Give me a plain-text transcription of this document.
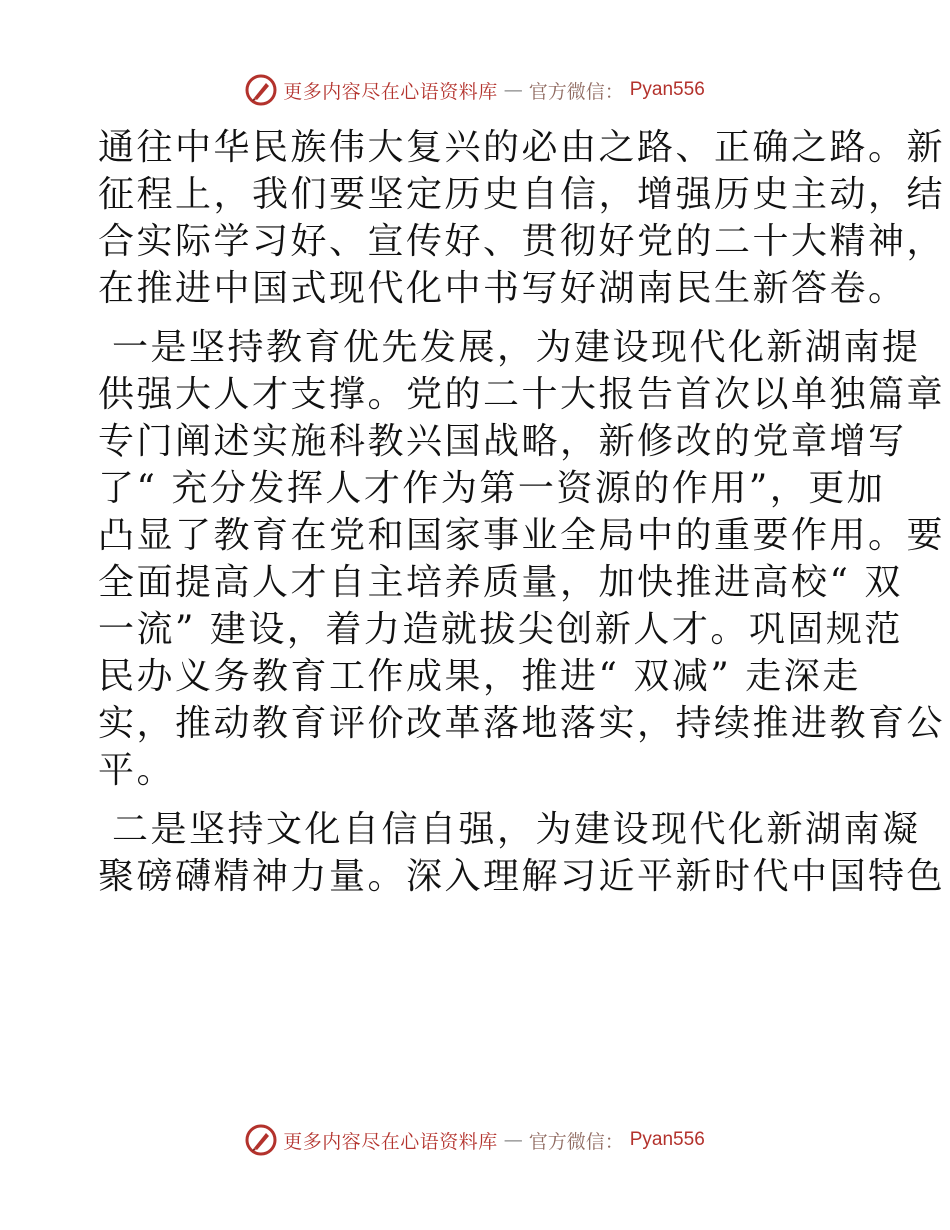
更多内容尽在心语资料库 — 官方微信： Pyan556
通往中华民族伟大复兴的必由之路、正确之路。新
征程上，我们要坚定历史自信，增强历史主动，结
合实际学习好、宣传好、贯彻好党的二十大精神，
在推进中国式现代化中书写好湖南民生新答卷。
一是坚持教育优先发展，为建设现代化新湖南提
供强大人才支撑。党的二十大报告首次以单独篇章
专门阐述实施科教兴国战略，新修改的党章增写
了“ 充分发挥人才作为第一资源的作用”，更加
凸显了教育在党和国家事业全局中的重要作用。要
全面提高人才自主培养质量，加快推进高校“ 双
一流” 建设，着力造就拔尖创新人才。巩固规范
民办义务教育工作成果，推进“ 双减” 走深走
实，推动教育评价改革落地落实，持续推进教育公
平。
二是坚持文化自信自强，为建设现代化新湖南凝
聚磅礴精神力量。深入理解习近平新时代中国特色
更多内容尽在心语资料库 — 官方微信： Pyan556
